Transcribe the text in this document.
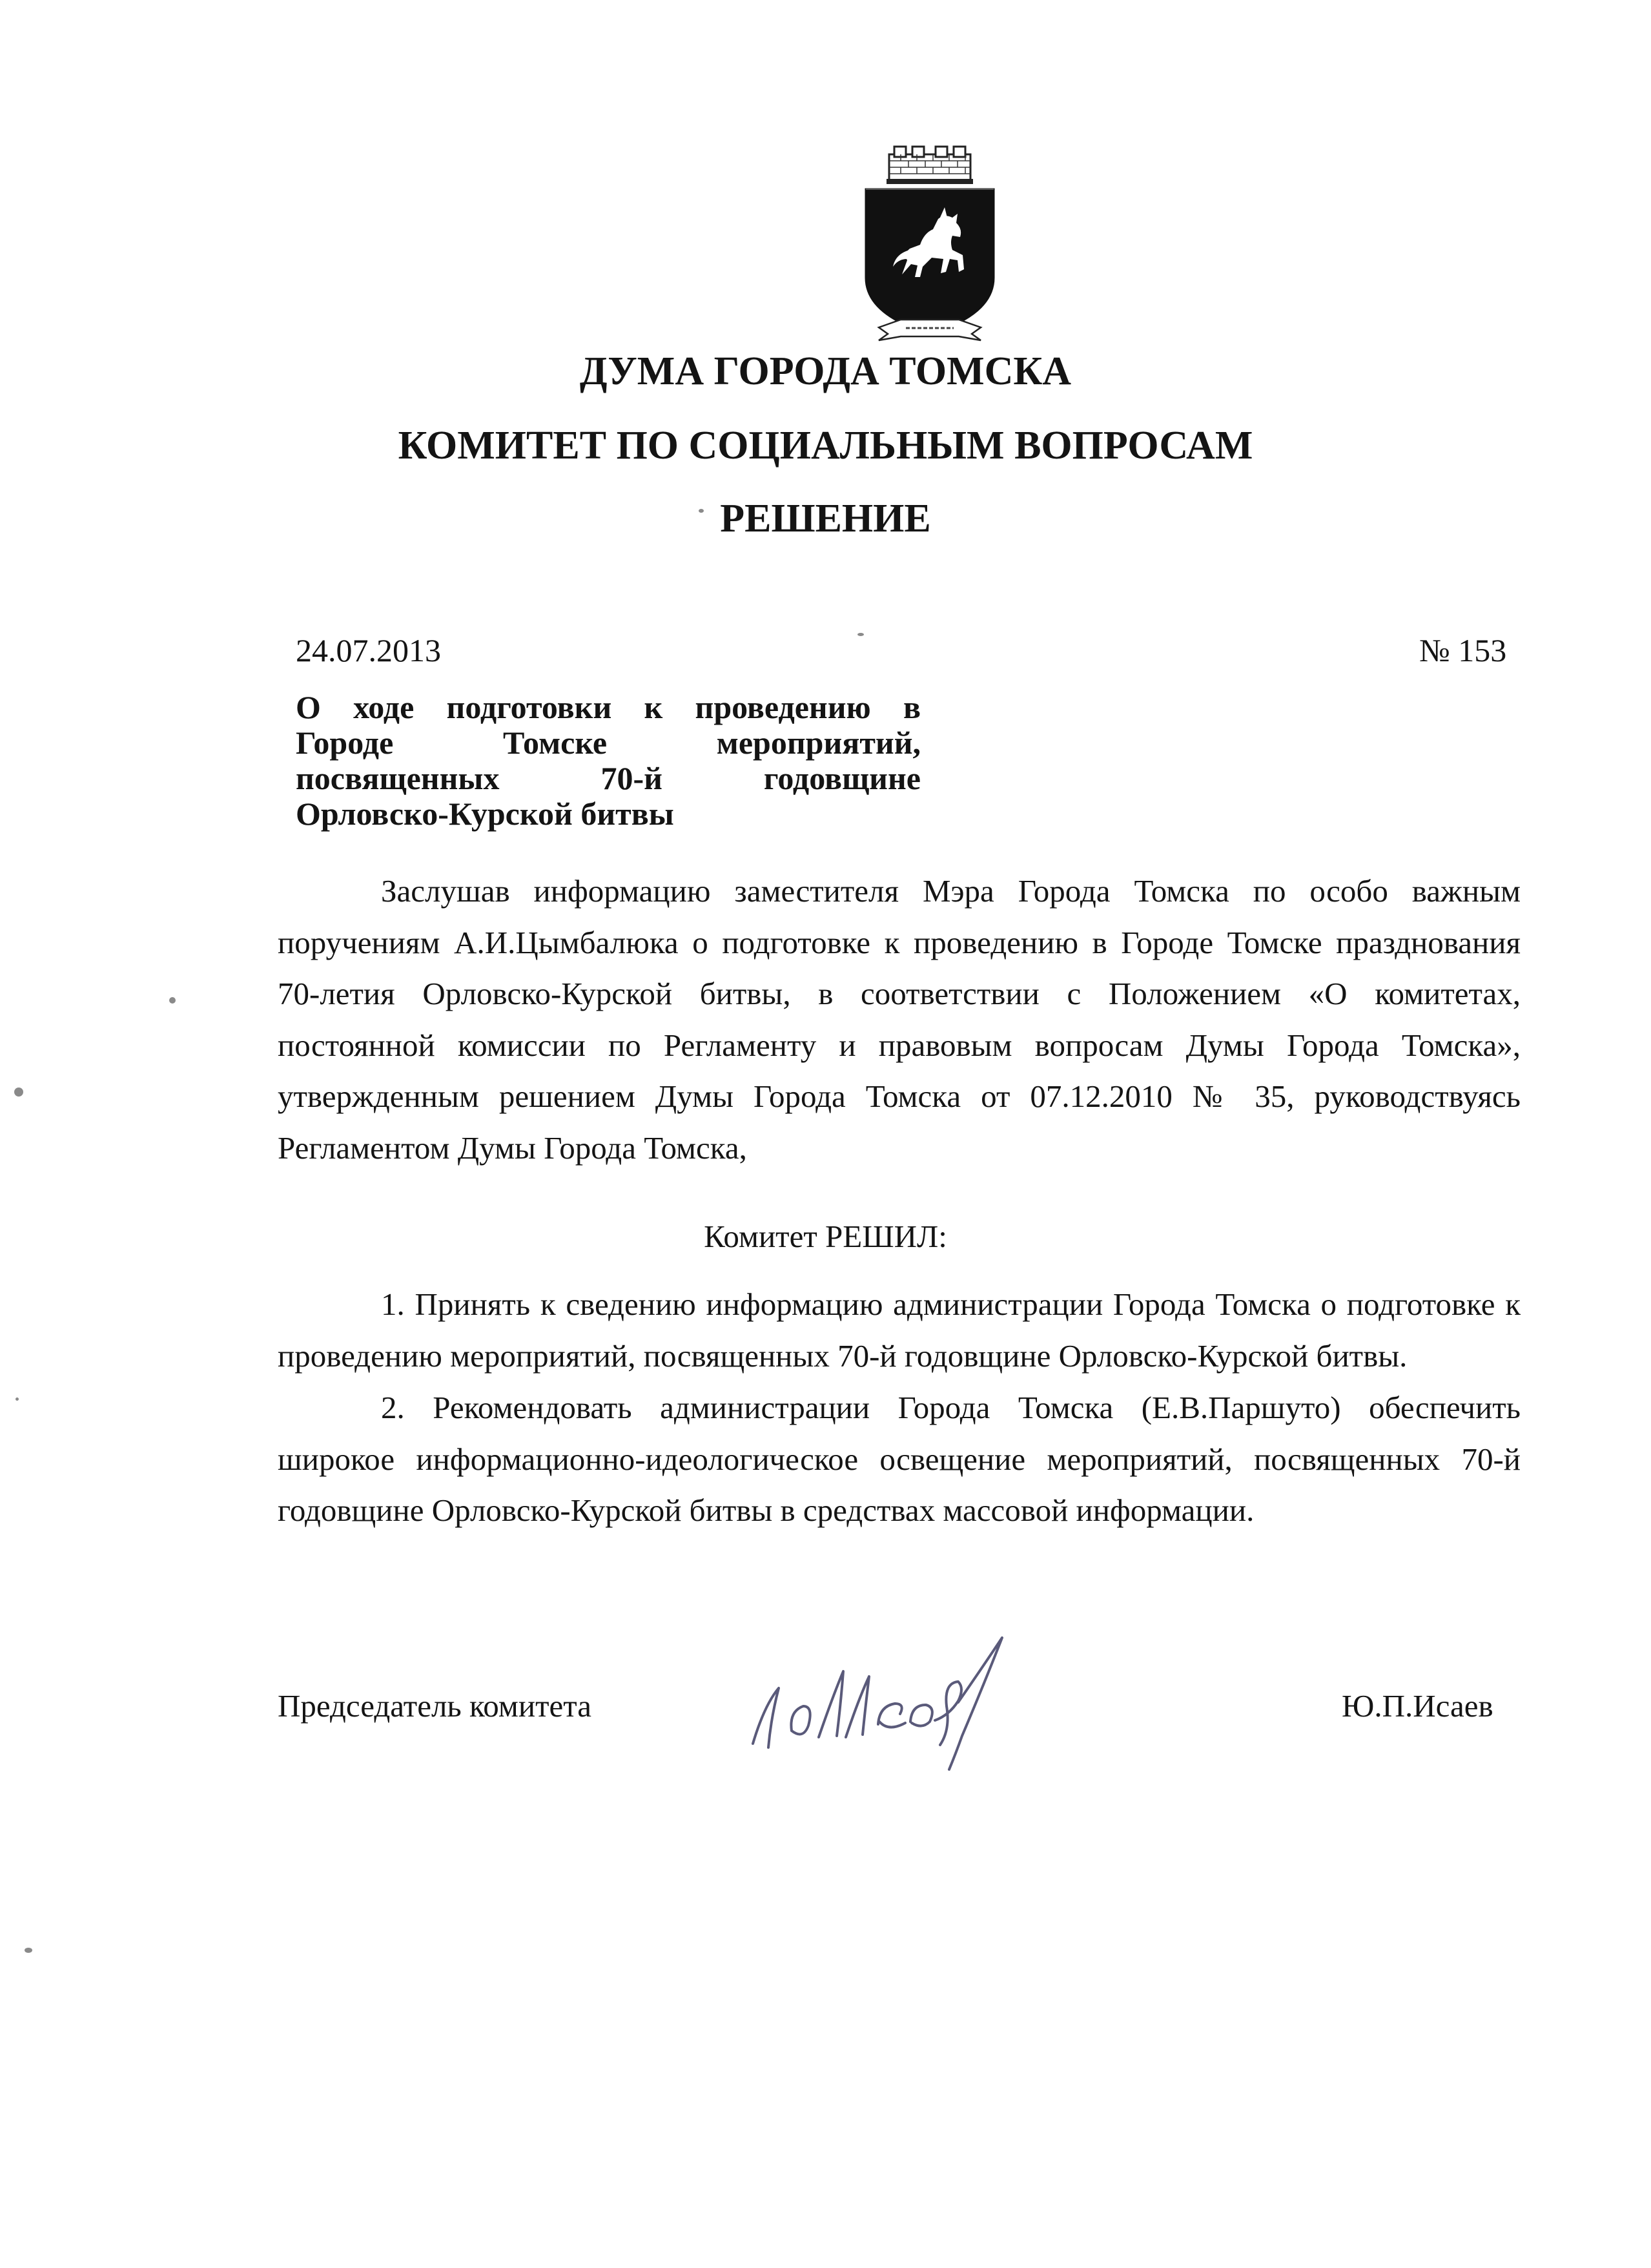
ДУМА ГОРОДА ТОМСКА
КОМИТЕТ ПО СОЦИАЛЬНЫМ ВОПРОСАМ
РЕШЕНИЕ
24.07.2013	№ 153
О ходе подготовки к проведению в
Городе Томске мероприятий,
посвященных 70-й годовщине
Орловско-Курской битвы
Заслушав информацию заместителя Мэра Города Томска по особо важным
поручениям А.И.Цымбалюка о подготовке к проведению в Городе Томске празднования
70-летия Орловско-Курской битвы, в соответствии с Положением «О комитетах,
постоянной комиссии по Регламенту и правовым вопросам Думы Города Томска»,
утвержденным решением Думы Города Томска от 07.12.2010 № 35, руководствуясь
Регламентом Думы Города Томска,
Комитет РЕШИЛ:
1. Принять к сведению информацию администрации Города Томска о подготовке к
проведению мероприятий, посвященных 70-й годовщине Орловско-Курской битвы.
2. Рекомендовать администрации Города Томска (Е.В.Паршуто) обеспечить
широкое информационно-идеологическое освещение мероприятий, посвященных 70-й
годовщине Орловско-Курской битвы в средствах массовой информации.
Председатель комитета	Ю.П.Исаев
